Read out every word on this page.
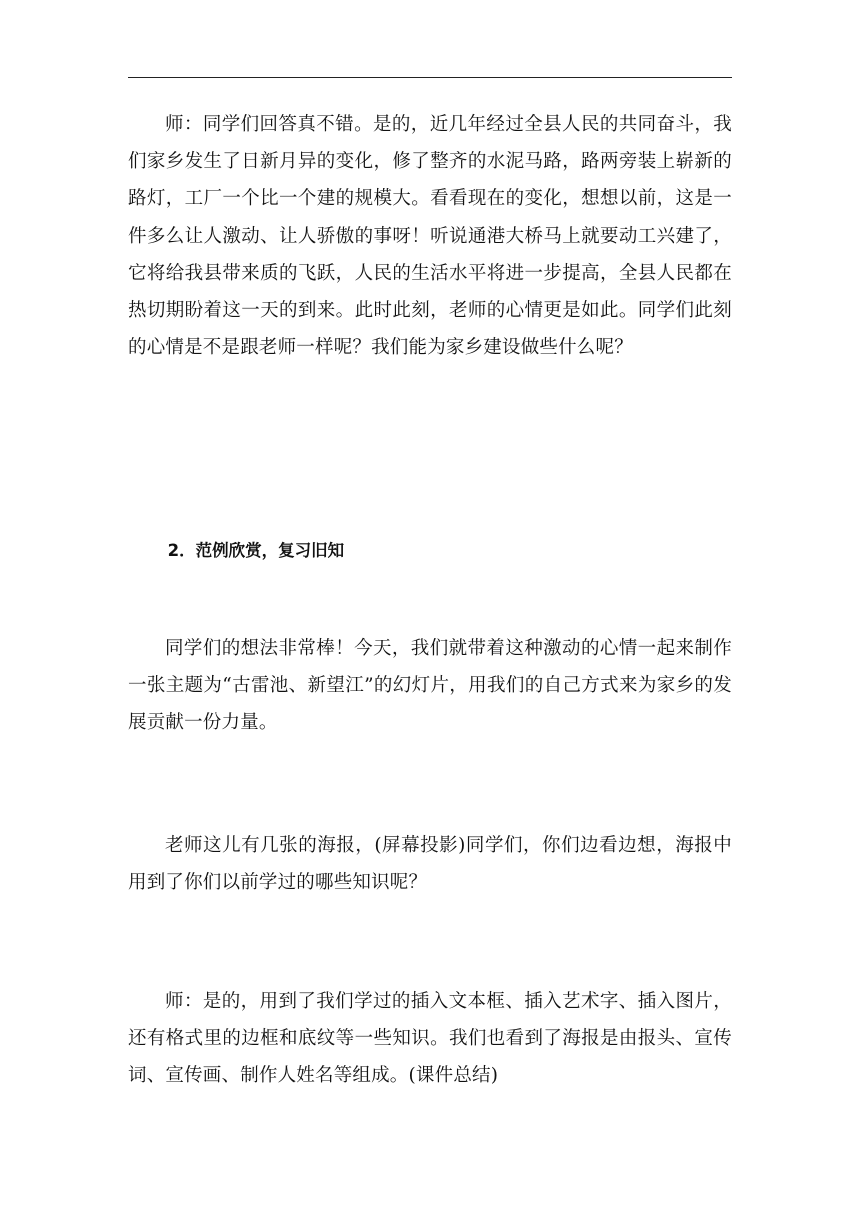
师：同学们回答真不错。是的，近几年经过全县人民的共同奋斗，我们家乡发生了日新月异的变化，修了整齐的水泥马路，路两旁装上崭新的路灯，工厂一个比一个建的规模大。看看现在的变化，想想以前，这是一件多么让人激动、让人骄傲的事呀！听说通港大桥马上就要动工兴建了，它将给我县带来质的飞跃，人民的生活水平将进一步提高，全县人民都在热切期盼着这一天的到来。此时此刻，老师的心情更是如此。同学们此刻的心情是不是跟老师一样呢？我们能为家乡建设做些什么呢？

2．范例欣赏，复习旧知

同学们的想法非常棒！今天，我们就带着这种激动的心情一起来制作一张主题为“古雷池、新望江”的幻灯片，用我们的自己方式来为家乡的发展贡献一份力量。

老师这儿有几张的海报，(屏幕投影)同学们，你们边看边想，海报中用到了你们以前学过的哪些知识呢？

师：是的，用到了我们学过的插入文本框、插入艺术字、插入图片，还有格式里的边框和底纹等一些知识。我们也看到了海报是由报头、宣传词、宣传画、制作人姓名等组成。(课件总结)
